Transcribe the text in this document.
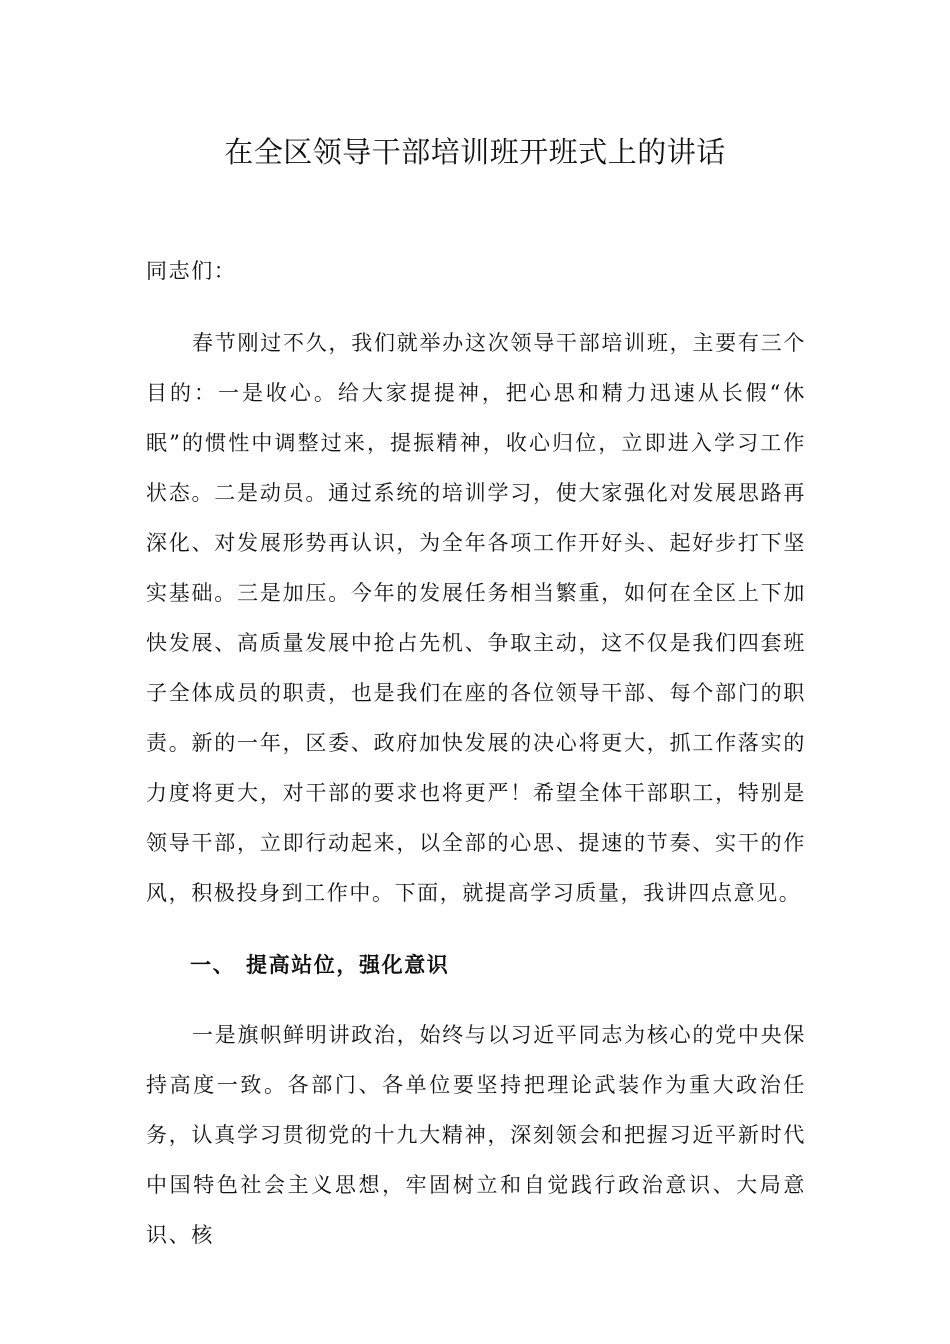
在全区领导干部培训班开班式上的讲话

同志们：

春节刚过不久，我们就举办这次领导干部培训班，主要有三个目的：一是收心。给大家提提神，把心思和精力迅速从长假“休眠”的惯性中调整过来，提振精神，收心归位，立即进入学习工作状态。二是动员。通过系统的培训学习，使大家强化对发展思路再深化、对发展形势再认识，为全年各项工作开好头、起好步打下坚实基础。三是加压。今年的发展任务相当繁重，如何在全区上下加快发展、高质量发展中抢占先机、争取主动，这不仅是我们四套班子全体成员的职责，也是我们在座的各位领导干部、每个部门的职责。新的一年，区委、政府加快发展的决心将更大，抓工作落实的力度将更大，对干部的要求也将更严！希望全体干部职工，特别是领导干部，立即行动起来，以全部的心思、提速的节奏、实干的作风，积极投身到工作中。下面，就提高学习质量，我讲四点意见。

一、 提高站位，强化意识

一是旗帜鲜明讲政治，始终与以习近平同志为核心的党中央保持高度一致。各部门、各单位要坚持把理论武装作为重大政治任务，认真学习贯彻党的十九大精神，深刻领会和把握习近平新时代中国特色社会主义思想，牢固树立和自觉践行政治意识、大局意识、核
